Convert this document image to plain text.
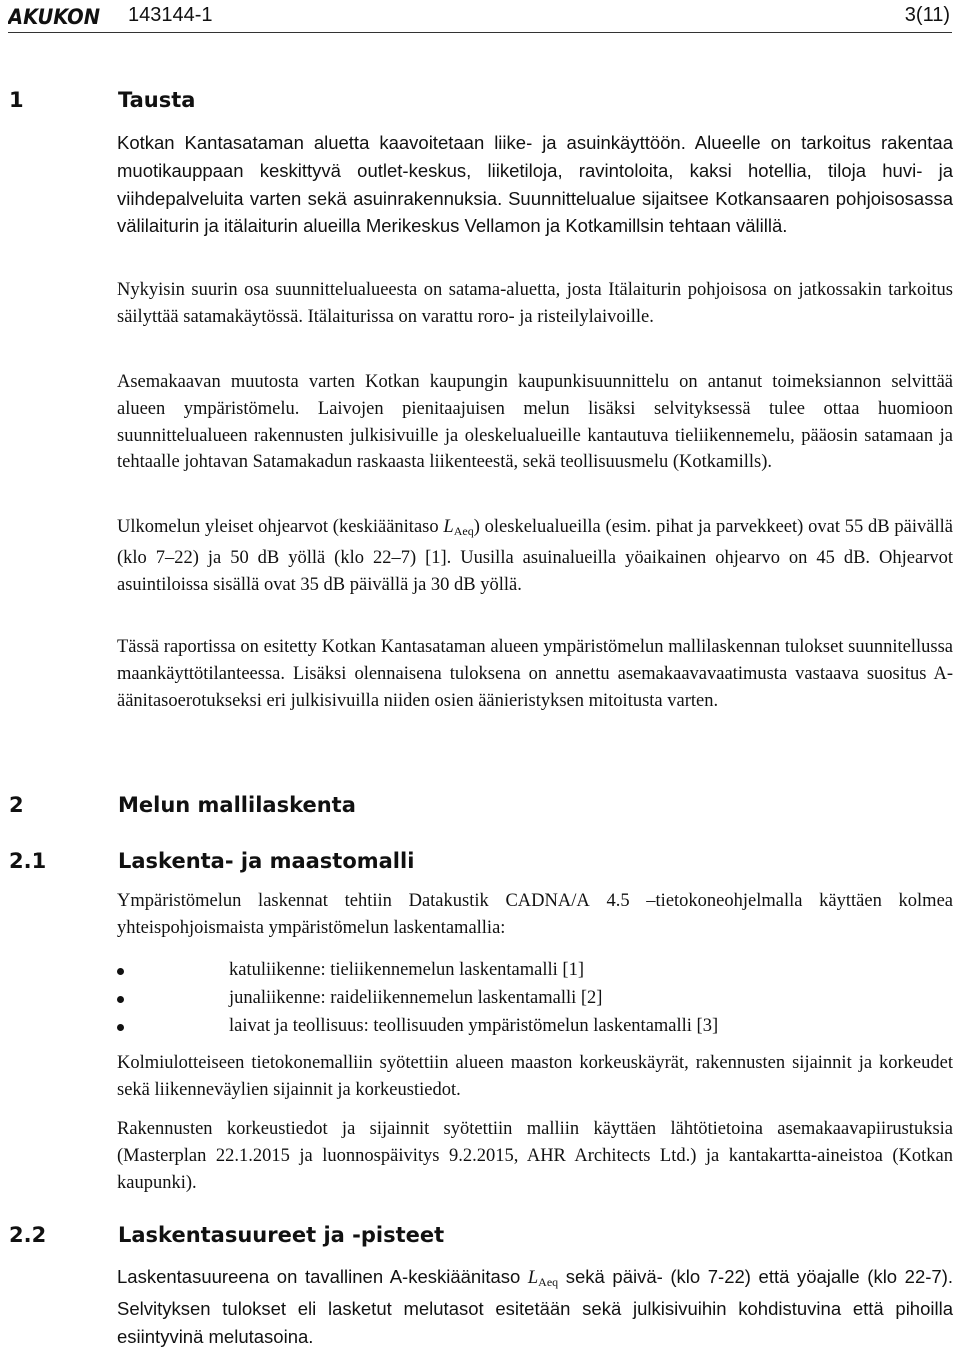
AKUKON 143144-1	3(11)
1	Tausta

Kotkan Kantasataman aluetta kaavoitetaan liike- ja asuinkäyttöön. Alueelle on tarkoitus rakentaa muotikauppaan keskittyvä outlet-keskus, liiketiloja, ravintoloita, kaksi hotellia, tiloja huvi- ja viihdepalveluita varten sekä asuinrakennuksia. Suunnittelualue sijaitsee Kotkansaaren pohjoisosassa välilaiturin ja itälaiturin alueilla Merikeskus Vellamon ja Kotkamillsin tehtaan välillä.

Nykyisin suurin osa suunnittelualueesta on satama-aluetta, josta Itälaiturin pohjoisosa on jatkossakin tarkoitus säilyttää satamakäytössä. Itälaiturissa on varattu roro- ja risteilylaivoille.

Asemakaavan muutosta varten Kotkan kaupungin kaupunkisuunnittelu on antanut toimeksiannon selvittää alueen ympäristömelu. Laivojen pienitaajuisen melun lisäksi selvityksessä tulee ottaa huomioon suunnittelualueen rakennusten julkisivuille ja oleskelualueille kantautuva tieliikennemelu, pääosin satamaan ja tehtaalle johtavan Satamakadun raskaasta liikenteestä, sekä teollisuusmelu (Kotkamills).

Ulkomelun yleiset ohjearvot (keskiäänitaso $L_{Aeq}$) oleskelualueilla (esim. pihat ja parvekkeet) ovat 55 dB päivällä (klo 7–22) ja 50 dB yöllä (klo 22–7) [1]. Uusilla asuinalueilla yöaikainen ohjearvo on 45 dB. Ohjearvot asuintiloissa sisällä ovat 35 dB päivällä ja 30 dB yöllä.

Tässä raportissa on esitetty Kotkan Kantasataman alueen ympäristömelun mallilaskennan tulokset suunnitellussa maankäyttötilanteessa. Lisäksi olennaisena tuloksena on annettu asemakaavavaatimusta vastaava suositus A-äänitasoerotukseksi eri julkisivuilla niiden osien äänieristyksen mitoitusta varten.

2	Melun mallilaskenta
2.1	Laskenta- ja maastomalli

Ympäristömelun laskennat tehtiin Datakustik CADNA/A 4.5 –tietokoneohjelmalla käyttäen kolmea yhteispohjoismaista ympäristömelun laskentamallia:

katuliikenne: tieliikennemelun laskentamalli [1]
junaliikenne: raideliikennemelun laskentamalli [2]
laivat ja teollisuus: teollisuuden ympäristömelun laskentamalli [3]

Kolmiulotteiseen tietokonemalliin syötettiin alueen maaston korkeuskäyrät, rakennusten sijainnit ja korkeudet sekä liikenneväylien sijainnit ja korkeustiedot.

Rakennusten korkeustiedot ja sijainnit syötettiin malliin käyttäen lähtötietoina asemakaavapiirustuksia (Masterplan 22.1.2015 ja luonnospäivitys 9.2.2015, AHR Architects Ltd.) ja kantakartta-aineistoa (Kotkan kaupunki).

2.2	Laskentasuureet ja -pisteet

Laskentasuureena on tavallinen A-keskiäänitaso $L_{Aeq}$ sekä päivä- (klo 7-22) että yöajalle (klo 22-7). Selvityksen tulokset eli lasketut melutasot esitetään sekä julkisivuihin kohdistuvina että pihoilla esiintyvinä melutasoina.
